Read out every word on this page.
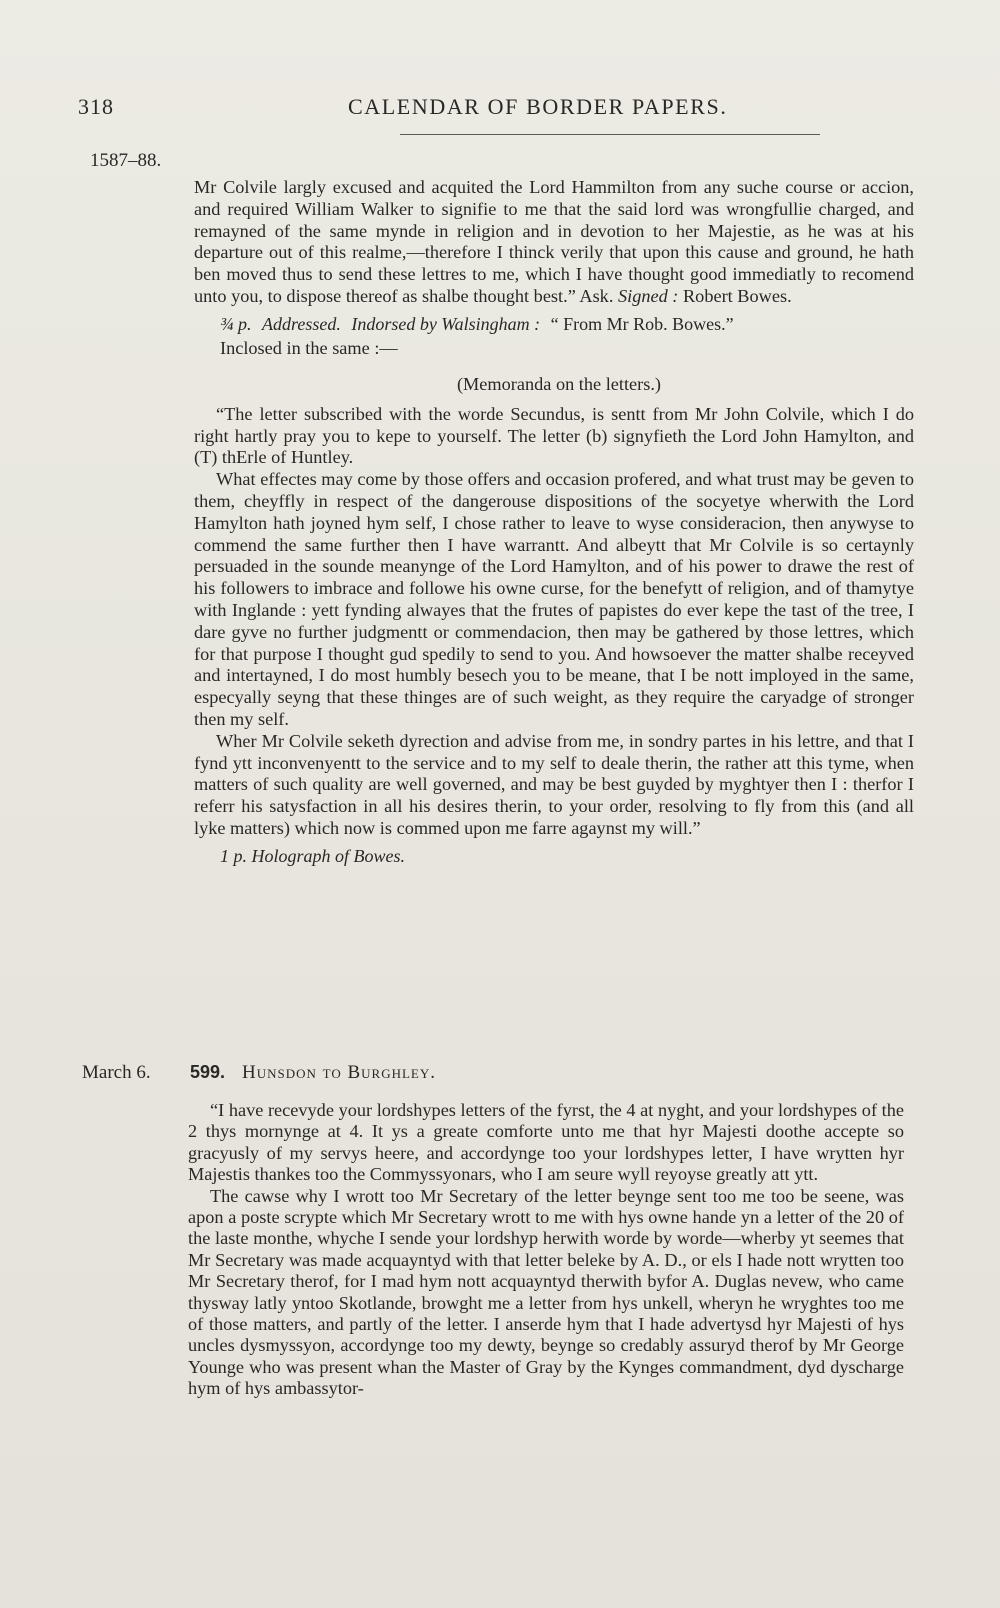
318	CALENDAR OF BORDER PAPERS.
1587–88.

Mr Colvile largly excused and acquited the Lord Hammilton from any suche course or accion, and required William Walker to signifie to me that the said lord was wrongfullie charged, and remayned of the same mynde in religion and in devotion to her Majestie, as he was at his departure out of this realme,—therefore I thinck verily that upon this cause and ground, he hath ben moved thus to send these lettres to me, which I have thought good immediatly to recomend unto you, to dispose thereof as shalbe thought best.” Ask. Signed : Robert Bowes.

¾ p. Addressed. Indorsed by Walsingham : “ From Mr Rob. Bowes.”
Inclosed in the same :—
(Memoranda on the letters.)

“The letter subscribed with the worde Secundus, is sentt from Mr John Colvile, which I do right hartly pray you to kepe to yourself. The letter (b) signyfieth the Lord John Hamylton, and (T) thErle of Huntley.

What effectes may come by those offers and occasion profered, and what trust may be geven to them, cheyffly in respect of the dangerouse dispositions of the socyetye wherwith the Lord Hamylton hath joyned hym self, I chose rather to leave to wyse consideracion, then anywyse to commend the same further then I have warrantt. And albeytt that Mr Colvile is so certaynly persuaded in the sounde meanynge of the Lord Hamylton, and of his power to drawe the rest of his followers to imbrace and followe his owne curse, for the benefytt of religion, and of thamytye with Inglande : yett fynding alwayes that the frutes of papistes do ever kepe the tast of the tree, I dare gyve no further judgmentt or commendacion, then may be gathered by those lettres, which for that purpose I thought gud spedily to send to you. And howsoever the matter shalbe receyved and intertayned, I do most humbly besech you to be meane, that I be nott imployed in the same, especyally seyng that these thinges are of such weight, as they require the caryadge of stronger then my self.

Wher Mr Colvile seketh dyrection and advise from me, in sondry partes in his lettre, and that I fynd ytt inconvenyentt to the service and to my self to deale therin, the rather att this tyme, when matters of such quality are well governed, and may be best guyded by myghtyer then I : therfor I referr his satysfaction in all his desires therin, to your order, resolving to fly from this (and all lyke matters) which now is commed upon me farre agaynst my will.”

1 p. Holograph of Bowes.
March 6. 599. Hunsdon to Burghley.

“I have recevyde your lordshypes letters of the fyrst, the 4 at nyght, and your lordshypes of the 2 thys mornynge at 4. It ys a greate comforte unto me that hyr Majesti doothe accepte so gracyusly of my servys heere, and accordynge too your lordshypes letter, I have wrytten hyr Majestis thankes too the Commyssyonars, who I am seure wyll reyoyse greatly att ytt.

The cawse why I wrott too Mr Secretary of the letter beynge sent too me too be seene, was apon a poste scrypte which Mr Secretary wrott to me with hys owne hande yn a letter of the 20 of the laste monthe, whyche I sende your lordshyp herwith worde by worde—wherby yt seemes that Mr Secretary was made acquayntyd with that letter beleke by A. D., or els I hade nott wrytten too Mr Secretary therof, for I mad hym nott acquayntyd therwith byfor A. Duglas nevew, who came thysway latly yntoo Skotlande, browght me a letter from hys unkell, wheryn he wryghtes too me of those matters, and partly of the letter. I anserde hym that I hade advertysd hyr Majesti of hys uncles dysmyssyon, accordynge too my dewty, beynge so credably assuryd therof by Mr George Younge who was present whan the Master of Gray by the Kynges commandment, dyd dyscharge hym of hys ambassytor-
